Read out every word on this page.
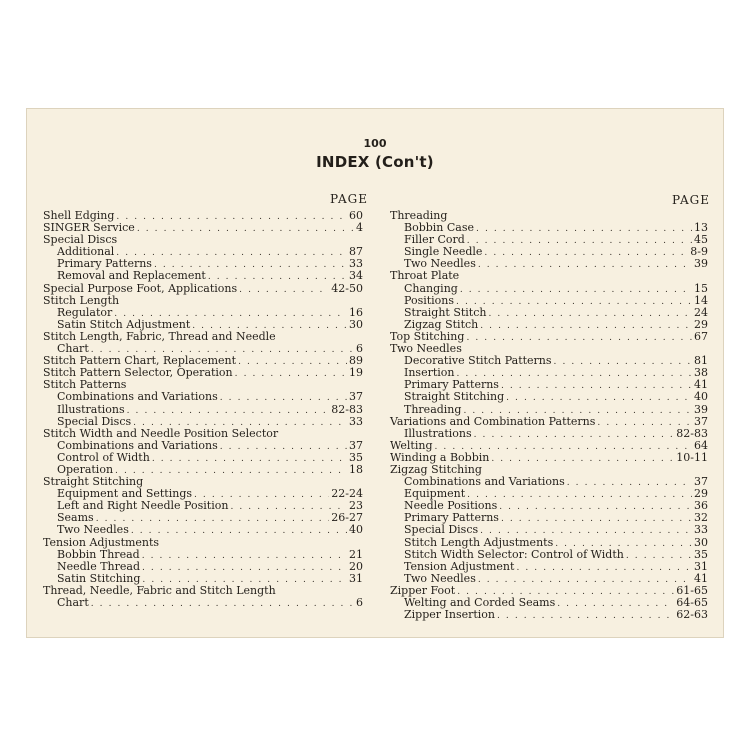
100
INDEX (Con't)
PAGE	PAGE
Shell Edging . . .	60
SINGER Service . . .	4
Special Discs
Additional . . .	87
Primary Patterns . . .	33
Removal and Replacement . . .	34
Special Purpose Foot, Applications . . .	42-50
Stitch Length
Regulator . . .	16
Satin Stitch Adjustment . . .	30
Stitch Length, Fabric, Thread and Needle
Chart . . .	6
Stitch Pattern Chart, Replacement . . .	89
Stitch Pattern Selector, Operation . . .	19
Stitch Patterns
Combinations and Variations . . .	37
Illustrations . . .	82-83
Special Discs . . .	33
Stitch Width and Needle Position Selector
Combinations and Variations . . .	37
Control of Width . . .	35
Operation . . .	18
Straight Stitching
Equipment and Settings . . .	22-24
Left and Right Needle Position . . .	23
Seams . . .	26-27
Two Needles . . .	40
Tension Adjustments
Bobbin Thread . . .	21
Needle Thread . . .	20
Satin Stitching . . .	31
Thread, Needle, Fabric and Stitch Length
Chart . . .	6
Threading
Bobbin Case . . .	13
Filler Cord . . .	45
Single Needle . . .	8-9
Two Needles . . .	39
Throat Plate
Changing . . .	15
Positions . . .	14
Straight Stitch . . .	24
Zigzag Stitch . . .	29
Top Stitching . . .	67
Two Needles
Decorative Stitch Patterns . . .	81
Insertion . . .	38
Primary Patterns . . .	41
Straight Stitching . . .	40
Threading . . .	39
Variations and Combination Patterns . . .	37
Illustrations . . .	82-83
Welting . . .	64
Winding a Bobbin . . .	10-11
Zigzag Stitching
Combinations and Variations . . .	37
Equipment . . .	29
Needle Positions . . .	36
Primary Patterns . . .	32
Special Discs . . .	33
Stitch Length Adjustments . . .	30
Stitch Width Selector: Control of Width . . .	35
Tension Adjustment . . .	31
Two Needles . . .	41
Zipper Foot . . .	61-65
Welting and Corded Seams . . .	64-65
Zipper Insertion . . .	62-63
